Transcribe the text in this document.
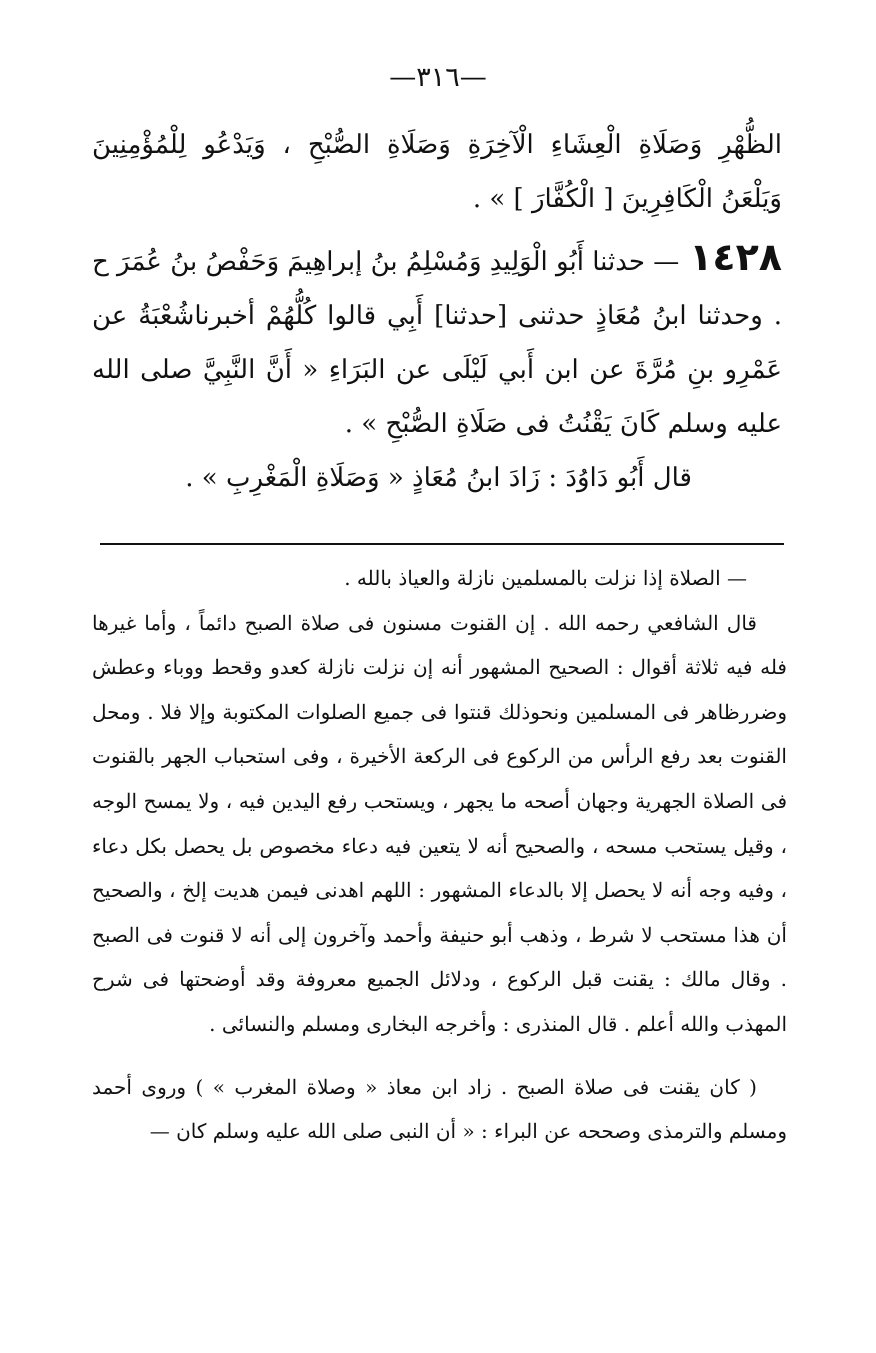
—٣١٦—

الظُّهْرِ وَصَلَاةِ الْعِشَاءِ الْآخِرَةِ وَصَلَاةِ الصُّبْحِ ، وَيَدْعُو لِلْمُؤْمِنِينَ وَيَلْعَنُ الْكَافِرِينَ [ الْكُفَّارَ ] » .

١٤٢٨— حدثنا أَبُو الْوَلِيدِ وَمُسْلِمُ بنُ إبراهِيمَ وَحَفْصُ بنُ عُمَرَ ح . وحدثنا ابنُ مُعَاذٍ حدثنى [حدثنا] أَبِي قالوا كُلُّهُمْ أخبرناشُعْبَةُ عن عَمْرِو بنِ مُرَّةَ عن ابن أَبي لَيْلَى عن البَرَاءِ « أَنَّ النَّبِيَّ صلى الله عليه وسلم كَانَ يَقْنُتُ فى صَلَاةِ الصُّبْحِ » .

قال أَبُو دَاوُدَ : زَادَ ابنُ مُعَاذٍ « وَصَلَاةِ الْمَغْرِبِ » .

— الصلاة إذا نزلت بالمسلمين نازلة والعياذ بالله .

قال الشافعي رحمه الله . إن القنوت مسنون فى صلاة الصبح دائماً ، وأما غيرها فله فيه ثلاثة أقوال : الصحيح المشهور أنه إن نزلت نازلة كعدو وقحط ووباء وعطش وضررظاهر فى المسلمين ونحوذلك قنتوا فى جميع الصلوات المكتوبة وإلا فلا . ومحل القنوت بعد رفع الرأس من الركوع فى الركعة الأخيرة ، وفى استحباب الجهر بالقنوت فى الصلاة الجهرية وجهان أصحه ما يجهر ، ويستحب رفع اليدين فيه ، ولا يمسح الوجه ، وقيل يستحب مسحه ، والصحيح أنه لا يتعين فيه دعاء مخصوص بل يحصل بكل دعاء ، وفيه وجه أنه لا يحصل إلا بالدعاء المشهور : اللهم اهدنى فيمن هديت إلخ ، والصحيح أن هذا مستحب لا شرط ، وذهب أبو حنيفة وأحمد وآخرون إلى أنه لا قنوت فى الصبح . وقال مالك : يقنت قبل الركوع ، ودلائل الجميع معروفة وقد أوضحتها فى شرح المهذب والله أعلم . قال المنذرى : وأخرجه البخارى ومسلم والنسائى .

( كان يقنت فى صلاة الصبح . زاد ابن معاذ « وصلاة المغرب » ) وروى أحمد ومسلم والترمذى وصححه عن البراء : « أن النبى صلى الله عليه وسلم كان —
